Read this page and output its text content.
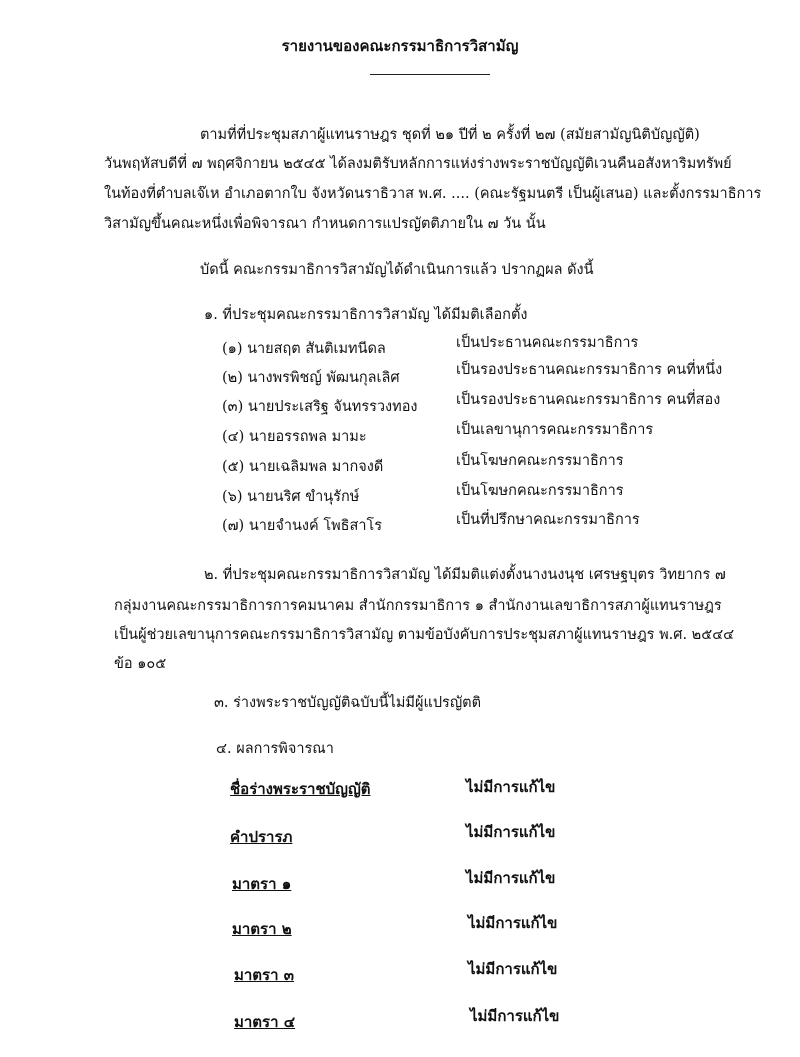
รายงานของคณะกรรมาธิการวิสามัญ
ตามที่ที่ประชุมสภาผู้แทนราษฎร ชุดที่ ๒๑ ปีที่ ๒ ครั้งที่ ๒๗ (สมัยสามัญนิติบัญญัติ)
วันพฤหัสบดีที่ ๗ พฤศจิกายน ๒๕๔๕ ได้ลงมติรับหลักการแห่งร่างพระราชบัญญัติเวนคืนอสังหาริมทรัพย์
ในท้องที่ตำบลเจ๊เห อำเภอตากใบ จังหวัดนราธิวาส พ.ศ. .... (คณะรัฐมนตรี เป็นผู้เสนอ) และตั้งกรรมาธิการ
วิสามัญขึ้นคณะหนึ่งเพื่อพิจารณา กำหนดการแปรญัตติภายใน ๗ วัน นั้น
บัดนี้ คณะกรรมาธิการวิสามัญได้ดำเนินการแล้ว ปรากฏผล ดังนี้
๑. ที่ประชุมคณะกรรมาธิการวิสามัญ ได้มีมติเลือกตั้ง
(๑) นายสฤต สันติเมทนีดล	เป็นประธานคณะกรรมาธิการ
(๒) นางพรพิชญ์ พัฒนกุลเลิศ	เป็นรองประธานคณะกรรมาธิการ คนที่หนึ่ง
(๓) นายประเสริฐ จันทรรวงทอง	เป็นรองประธานคณะกรรมาธิการ คนที่สอง
(๔) นายอรรถพล มามะ	เป็นเลขานุการคณะกรรมาธิการ
(๕) นายเฉลิมพล มากจงดี	เป็นโฆษกคณะกรรมาธิการ
(๖) นายนริศ ขำนุรักษ์	เป็นโฆษกคณะกรรมาธิการ
(๗) นายจำนงค์ โพธิสาโร	เป็นที่ปรึกษาคณะกรรมาธิการ
๒. ที่ประชุมคณะกรรมาธิการวิสามัญ ได้มีมติแต่งตั้งนางนงนุช เศรษฐบุตร วิทยากร ๗
กลุ่มงานคณะกรรมาธิการการคมนาคม สำนักกรรมาธิการ ๑ สำนักงานเลขาธิการสภาผู้แทนราษฎร
เป็นผู้ช่วยเลขานุการคณะกรรมาธิการวิสามัญ ตามข้อบังคับการประชุมสภาผู้แทนราษฎร พ.ศ. ๒๕๔๔
ข้อ ๑๐๕
๓. ร่างพระราชบัญญัติฉบับนี้ไม่มีผู้แปรญัตติ
๔. ผลการพิจารณา
ชื่อร่างพระราชบัญญัติ	ไม่มีการแก้ไข
คำปรารภ	ไม่มีการแก้ไข
มาตรา ๑	ไม่มีการแก้ไข
มาตรา ๒	ไม่มีการแก้ไข
มาตรา ๓	ไม่มีการแก้ไข
มาตรา ๔	ไม่มีการแก้ไข
